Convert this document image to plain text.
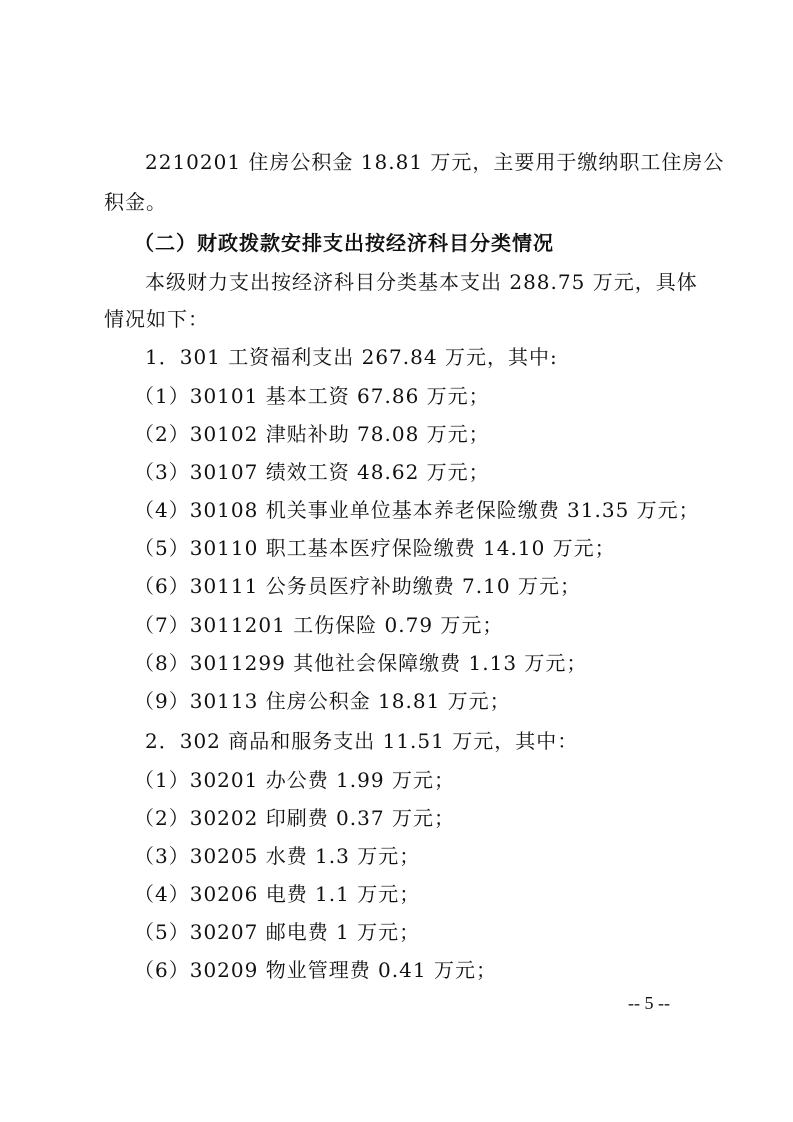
2210201 住房公积金 18.81 万元，主要用于缴纳职工住房公
积金。
（二）财政拨款安排支出按经济科目分类情况
本级财力支出按经济科目分类基本支出 288.75 万元，具体
情况如下：
1．301 工资福利支出 267.84 万元，其中:
（1）30101 基本工资 67.86 万元；
（2）30102 津贴补助 78.08 万元；
（3）30107 绩效工资 48.62 万元；
（4）30108 机关事业单位基本养老保险缴费 31.35 万元；
（5）30110 职工基本医疗保险缴费 14.10 万元；
（6）30111 公务员医疗补助缴费 7.10 万元；
（7）3011201 工伤保险 0.79 万元；
（8）3011299 其他社会保障缴费 1.13 万元；
（9）30113 住房公积金 18.81 万元；
2．302 商品和服务支出 11.51 万元，其中：
（1）30201 办公费 1.99 万元；
（2）30202 印刷费 0.37 万元；
（3）30205 水费 1.3 万元；
（4）30206 电费 1.1 万元；
（5）30207 邮电费 1 万元；
（6）30209 物业管理费 0.41 万元；
-- 5 --
